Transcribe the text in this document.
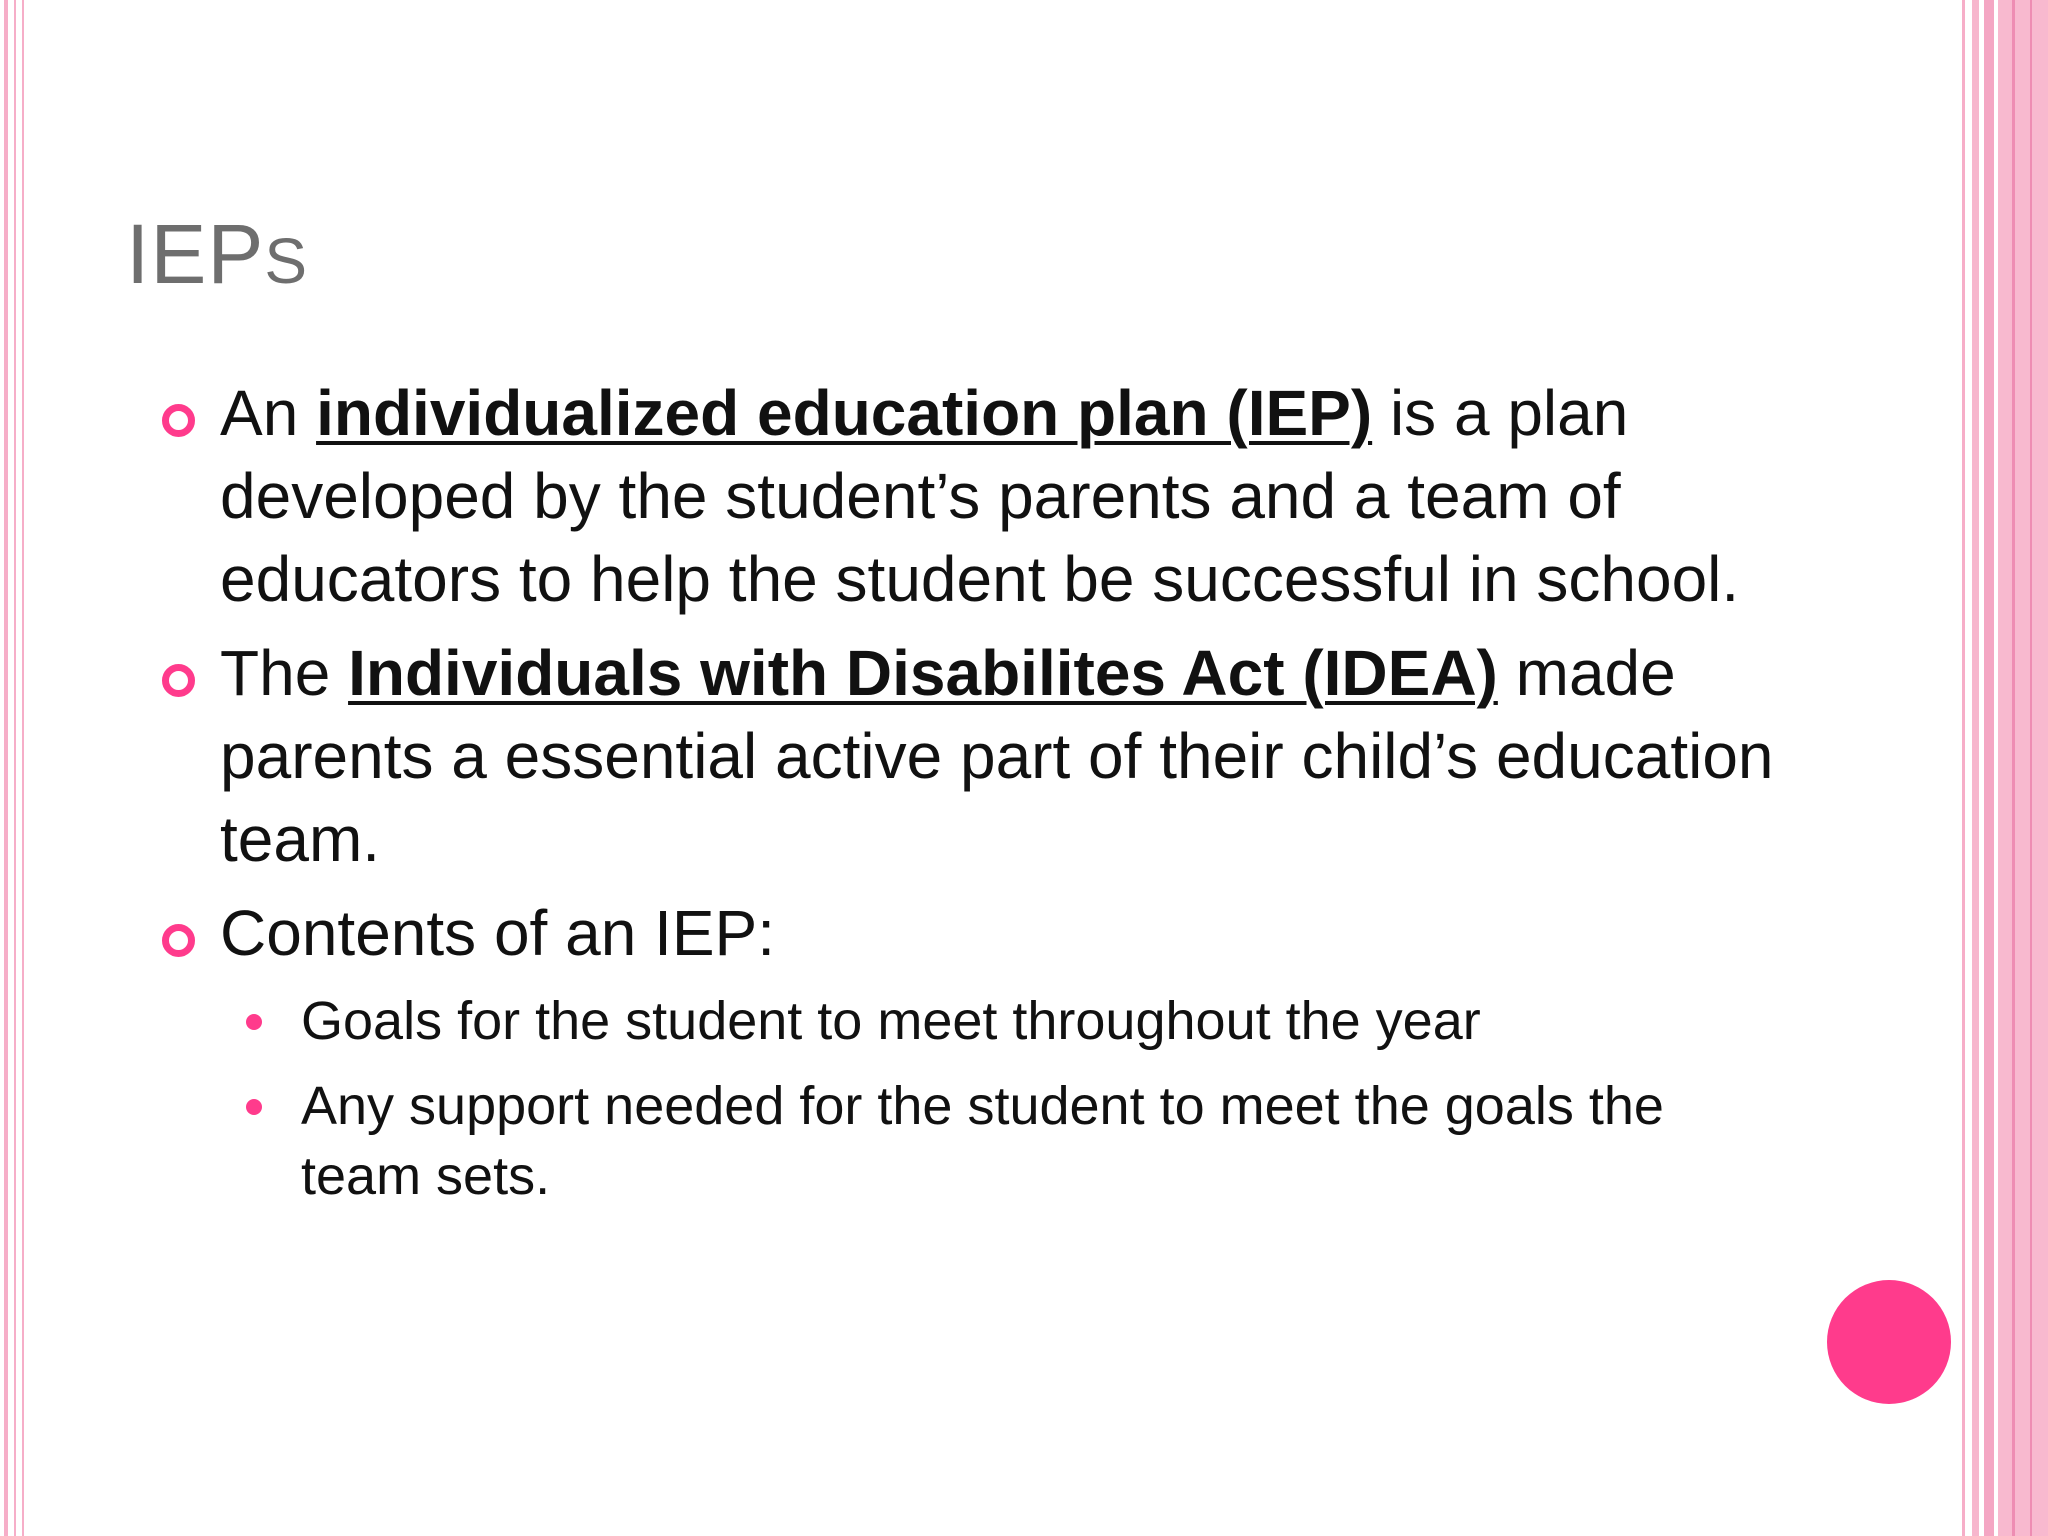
IEPS
An individualized education plan (IEP) is a plan developed by the student’s parents and a team of educators to help the student be successful in school.
The Individuals with Disabilites Act (IDEA) made parents a essential active part of their child’s education team.
Contents of an IEP:
Goals for the student to meet throughout the year
Any support needed for the student to meet the goals the team sets.
